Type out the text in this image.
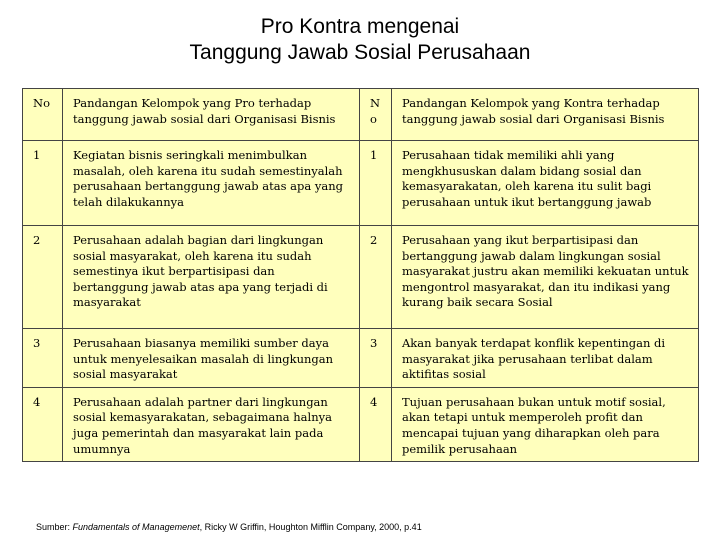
Pro Kontra mengenai
Tanggung Jawab Sosial Perusahaan
No	Pandangan Kelompok yang Pro terhadap tanggung jawab sosial dari Organisasi Bisnis	No	Pandangan Kelompok yang Kontra terhadap tanggung jawab sosial dari Organisasi Bisnis
1	Kegiatan bisnis seringkali menimbulkan masalah, oleh karena itu sudah semestinyalah perusahaan bertanggung jawab atas apa yang telah dilakukannya	1	Perusahaan tidak memiliki ahli yang mengkhususkan dalam bidang sosial dan kemasyarakatan, oleh karena itu sulit bagi perusahaan untuk ikut bertanggung jawab
2	Perusahaan adalah bagian dari lingkungan sosial masyarakat, oleh karena itu sudah semestinya ikut berpartisipasi dan bertanggung jawab atas apa yang terjadi di masyarakat	2	Perusahaan yang ikut berpartisipasi dan bertanggung jawab dalam lingkungan sosial masyarakat justru akan memiliki kekuatan untuk mengontrol masyarakat, dan itu indikasi yang kurang baik secara Sosial
3	Perusahaan biasanya memiliki sumber daya untuk menyelesaikan masalah di lingkungan sosial masyarakat	3	Akan banyak terdapat konflik kepentingan di masyarakat jika perusahaan terlibat dalam aktifitas sosial
4	Perusahaan adalah partner dari lingkungan sosial kemasyarakatan, sebagaimana halnya juga pemerintah dan masyarakat lain pada umumnya	4	Tujuan perusahaan bukan untuk motif sosial, akan tetapi untuk memperoleh profit dan mencapai tujuan yang diharapkan oleh para pemilik perusahaan
Sumber: Fundamentals of Managemenet, Ricky W Griffin, Houghton Mifflin Company, 2000, p.41
